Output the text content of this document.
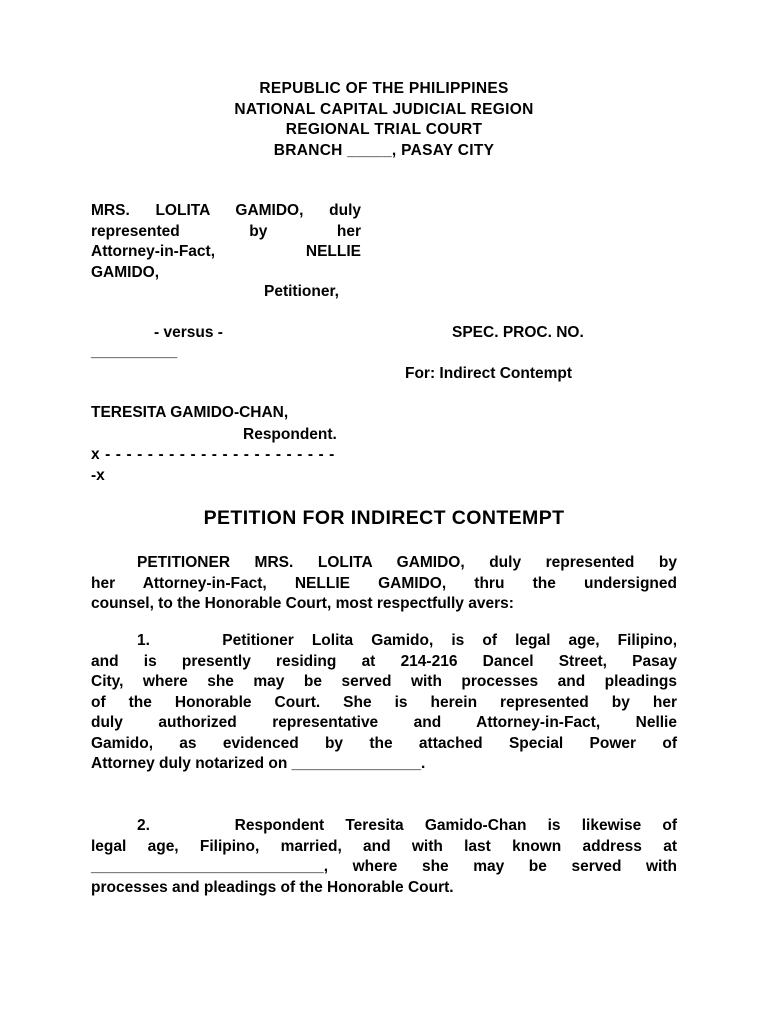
REPUBLIC OF THE PHILIPPINES
NATIONAL CAPITAL JUDICIAL REGION
REGIONAL TRIAL COURT
BRANCH _____, PASAY CITY
MRS. LOLITA GAMIDO, duly
represented by her
Attorney-in-Fact, NELLIE
GAMIDO,
Petitioner,
- versus -	SPEC. PROC. NO.
__________
For: Indirect Contempt
TERESITA GAMIDO-CHAN,
Respondent.
x - - - - - - - - - - - - - - - - - - - - - -
-x
PETITION FOR INDIRECT CONTEMPT
PETITIONER MRS. LOLITA GAMIDO, duly represented by
her Attorney-in-Fact, NELLIE GAMIDO, thru the undersigned
counsel, to the Honorable Court, most respectfully avers:
1.    Petitioner Lolita Gamido, is of legal age, Filipino,
and is presently residing at 214-216 Dancel Street, Pasay
City, where she may be served with processes and pleadings
of the Honorable Court. She is herein represented by her
duly authorized representative and Attorney-in-Fact, Nellie
Gamido, as evidenced by the attached Special Power of
Attorney duly notarized on _______________.
2.    Respondent Teresita Gamido-Chan is likewise of
legal age, Filipino, married, and with last known address at
___________________________, where she may be served with
processes and pleadings of the Honorable Court.
